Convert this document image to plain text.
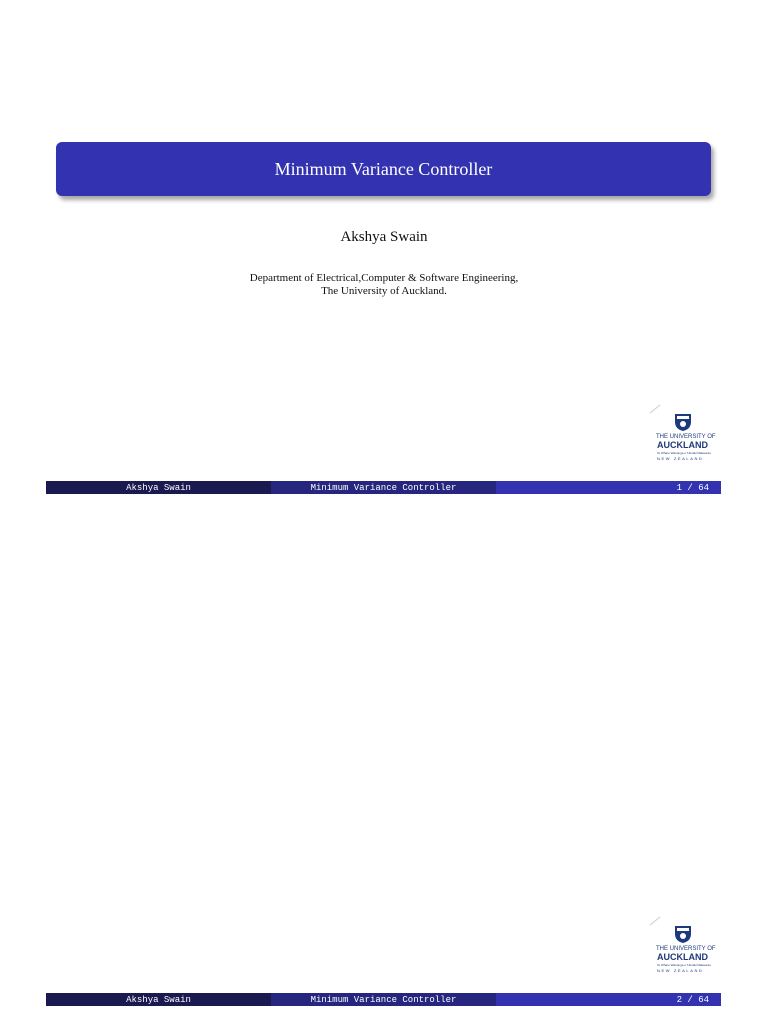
Minimum Variance Controller
Akshya Swain
Department of Electrical,Computer & Software Engineering,
The University of Auckland.
THE UNIVERSITY OF
AUCKLAND
Te Whare Wānanga o Tāmaki Makaurau
NEW ZEALAND
Akshya Swain	Minimum Variance Controller	1 / 64
THE UNIVERSITY OF
AUCKLAND
Te Whare Wānanga o Tāmaki Makaurau
NEW ZEALAND
Akshya Swain	Minimum Variance Controller	2 / 64
